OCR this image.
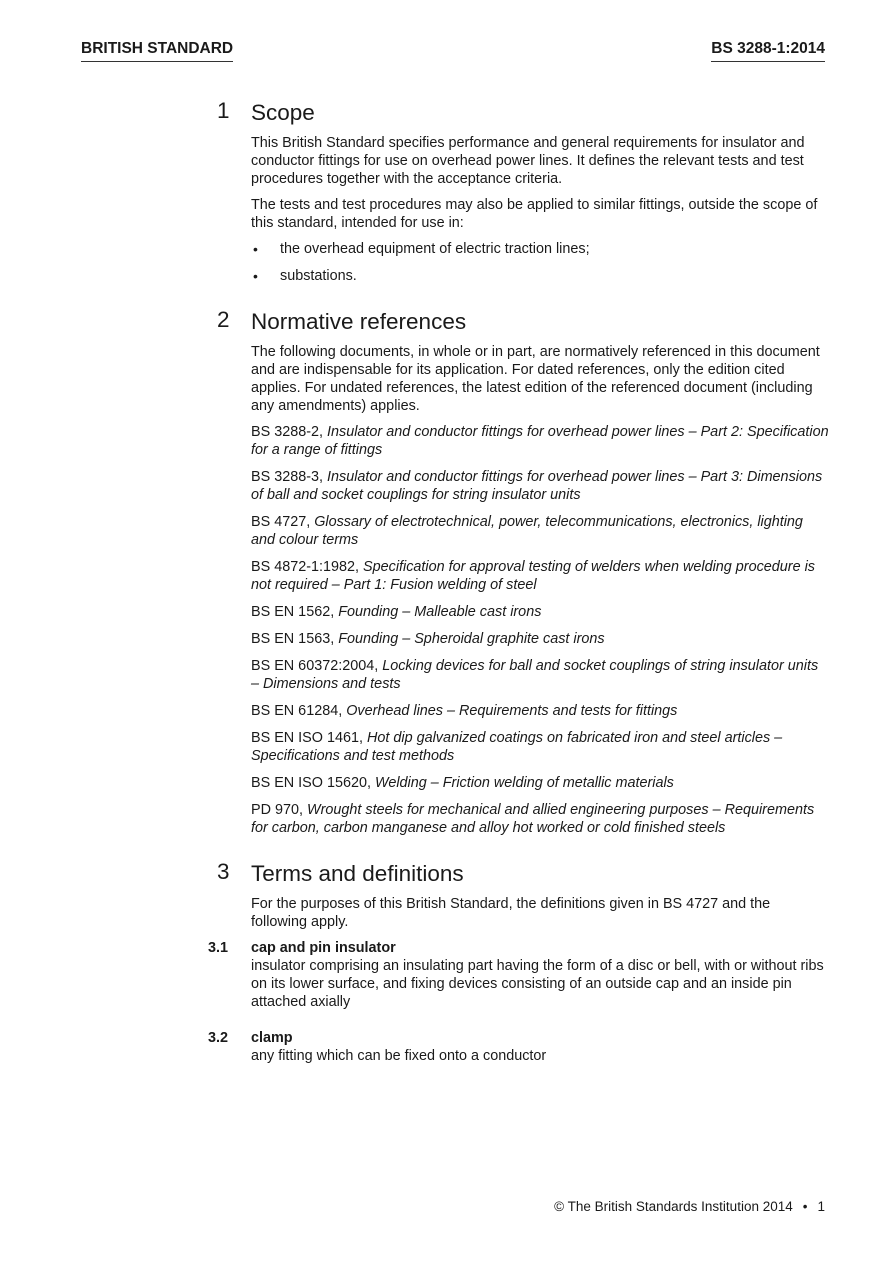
BRITISH STANDARD	BS 3288-1:2014
1 Scope

This British Standard specifies performance and general requirements for insulator and conductor fittings for use on overhead power lines. It defines the relevant tests and test procedures together with the acceptance criteria.

The tests and test procedures may also be applied to similar fittings, outside the scope of this standard, intended for use in:

• the overhead equipment of electric traction lines;
• substations.
2 Normative references

The following documents, in whole or in part, are normatively referenced in this document and are indispensable for its application. For dated references, only the edition cited applies. For undated references, the latest edition of the referenced document (including any amendments) applies.

BS 3288-2, Insulator and conductor fittings for overhead power lines – Part 2: Specification for a range of fittings

BS 3288-3, Insulator and conductor fittings for overhead power lines – Part 3: Dimensions of ball and socket couplings for string insulator units

BS 4727, Glossary of electrotechnical, power, telecommunications, electronics, lighting and colour terms

BS 4872-1:1982, Specification for approval testing of welders when welding procedure is not required – Part 1: Fusion welding of steel

BS EN 1562, Founding – Malleable cast irons

BS EN 1563, Founding – Spheroidal graphite cast irons

BS EN 60372:2004, Locking devices for ball and socket couplings of string insulator units – Dimensions and tests

BS EN 61284, Overhead lines – Requirements and tests for fittings

BS EN ISO 1461, Hot dip galvanized coatings on fabricated iron and steel articles – Specifications and test methods

BS EN ISO 15620, Welding – Friction welding of metallic materials

PD 970, Wrought steels for mechanical and allied engineering purposes – Requirements for carbon, carbon manganese and alloy hot worked or cold finished steels

3 Terms and definitions

For the purposes of this British Standard, the definitions given in BS 4727 and the following apply.

3.1 cap and pin insulator
insulator comprising an insulating part having the form of a disc or bell, with or without ribs on its lower surface, and fixing devices consisting of an outside cap and an inside pin attached axially
3.2 clamp
any fitting which can be fixed onto a conductor
© The British Standards Institution 2014 • 1
